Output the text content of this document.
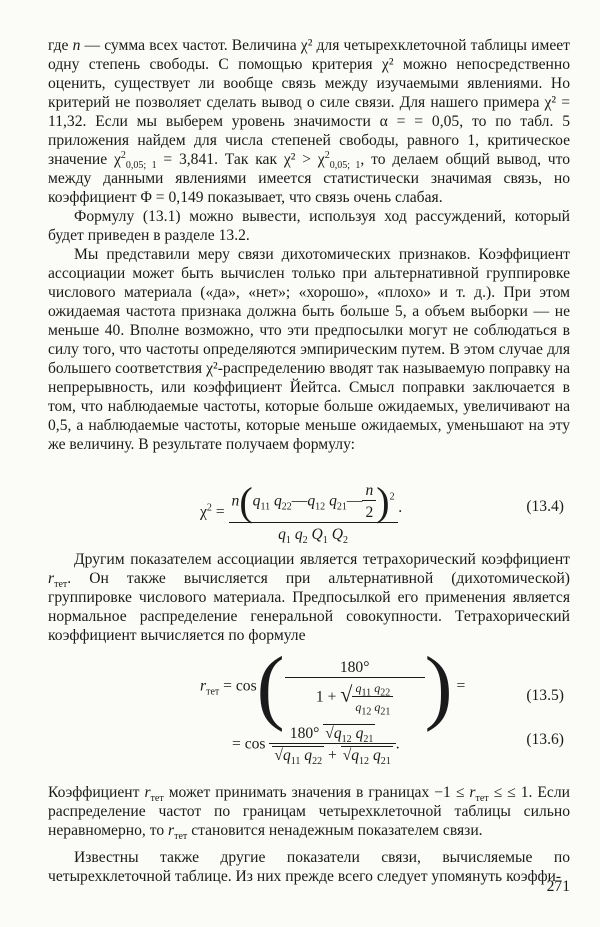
где n — сумма всех частот. Величина χ² для четырехклеточной таблицы имеет одну степень свободы. С помощью критерия χ² можно непосредственно оценить, существует ли вообще связь между изучаемыми явлениями. Но критерий не позволяет сделать вывод о силе связи. Для нашего примера χ² = 11,32. Если мы выберем уровень значимости α = = 0,05, то по табл. 5 приложения найдем для числа степеней свободы, равного 1, критическое значение $\chi^2_{0,05; 1} = 3,841$. Так как $\chi^2 > \chi^2_{0,05; 1}$, то делаем общий вывод, что между данными явлениями имеется статистически значимая связь, но коэффициент Φ = 0,149 показывает, что связь очень слабая.

Формулу (13.1) можно вывести, используя ход рассуждений, который будет приведен в разделе 13.2.

Мы представили меру связи дихотомических признаков. Коэффициент ассоциации может быть вычислен только при альтернативной группировке числового материала («да», «нет»; «хорошо», «плохо» и т. д.). При этом ожидаемая частота признака должна быть больше 5, а объем выборки — не меньше 40. Вполне возможно, что эти предпосылки могут не соблюдаться в силу того, что частоты определяются эмпирическим путем. В этом случае для большего соответствия χ²-распределению вводят так называемую поправку на непрерывность, или коэффициент Йейтса. Смысл поправки заключается в том, что наблюдаемые частоты, которые больше ожидаемых, увеличивают на 0,5, а наблюдаемые частоты, которые меньше ожидаемых, уменьшают на эту же величину. В результате получаем формулу:

$\chi^2 = \frac{n(q_{11} q_{22}—q_{12} q_{21}— \frac{n}{2} )^2}{q_1 q_2 Q_1 Q_2}$ ·	(13.4)

Другим показателем ассоциации является тетрахорический коэффициент $r_{тет}$. Он также вычисляется при альтернативной (дихотомической) группировке числового материала. Предпосылкой его применения является нормальное распределение генеральной совокупности. Тетрахорический коэффициент вычисляется по формуле

$r_{тет} = \cos( \frac{180^\circ}{1 + √ \frac{q_{11} q_{22}}{q_{12} q_{21}}}$ ) =
(13.5)
= $\cos \frac{180^\circ √q_{12} q_{21}}{√q_{11} q_{22} + √q_{12} q_{21}}$ .	(13.6)

Коэффициент $r_{тет}$ может принимать значения в границах $-1 \le r_{тет}$ ≤ ≤ 1. Если распределение частот по границам четырехклеточной таблицы сильно неравномерно, то $r_{тет}$ становится ненадежным показателем связи.

Известны также другие показатели связи, вычисляемые по четырехклеточной таблице. Из них прежде всего следует упомянуть коэффи-

271
